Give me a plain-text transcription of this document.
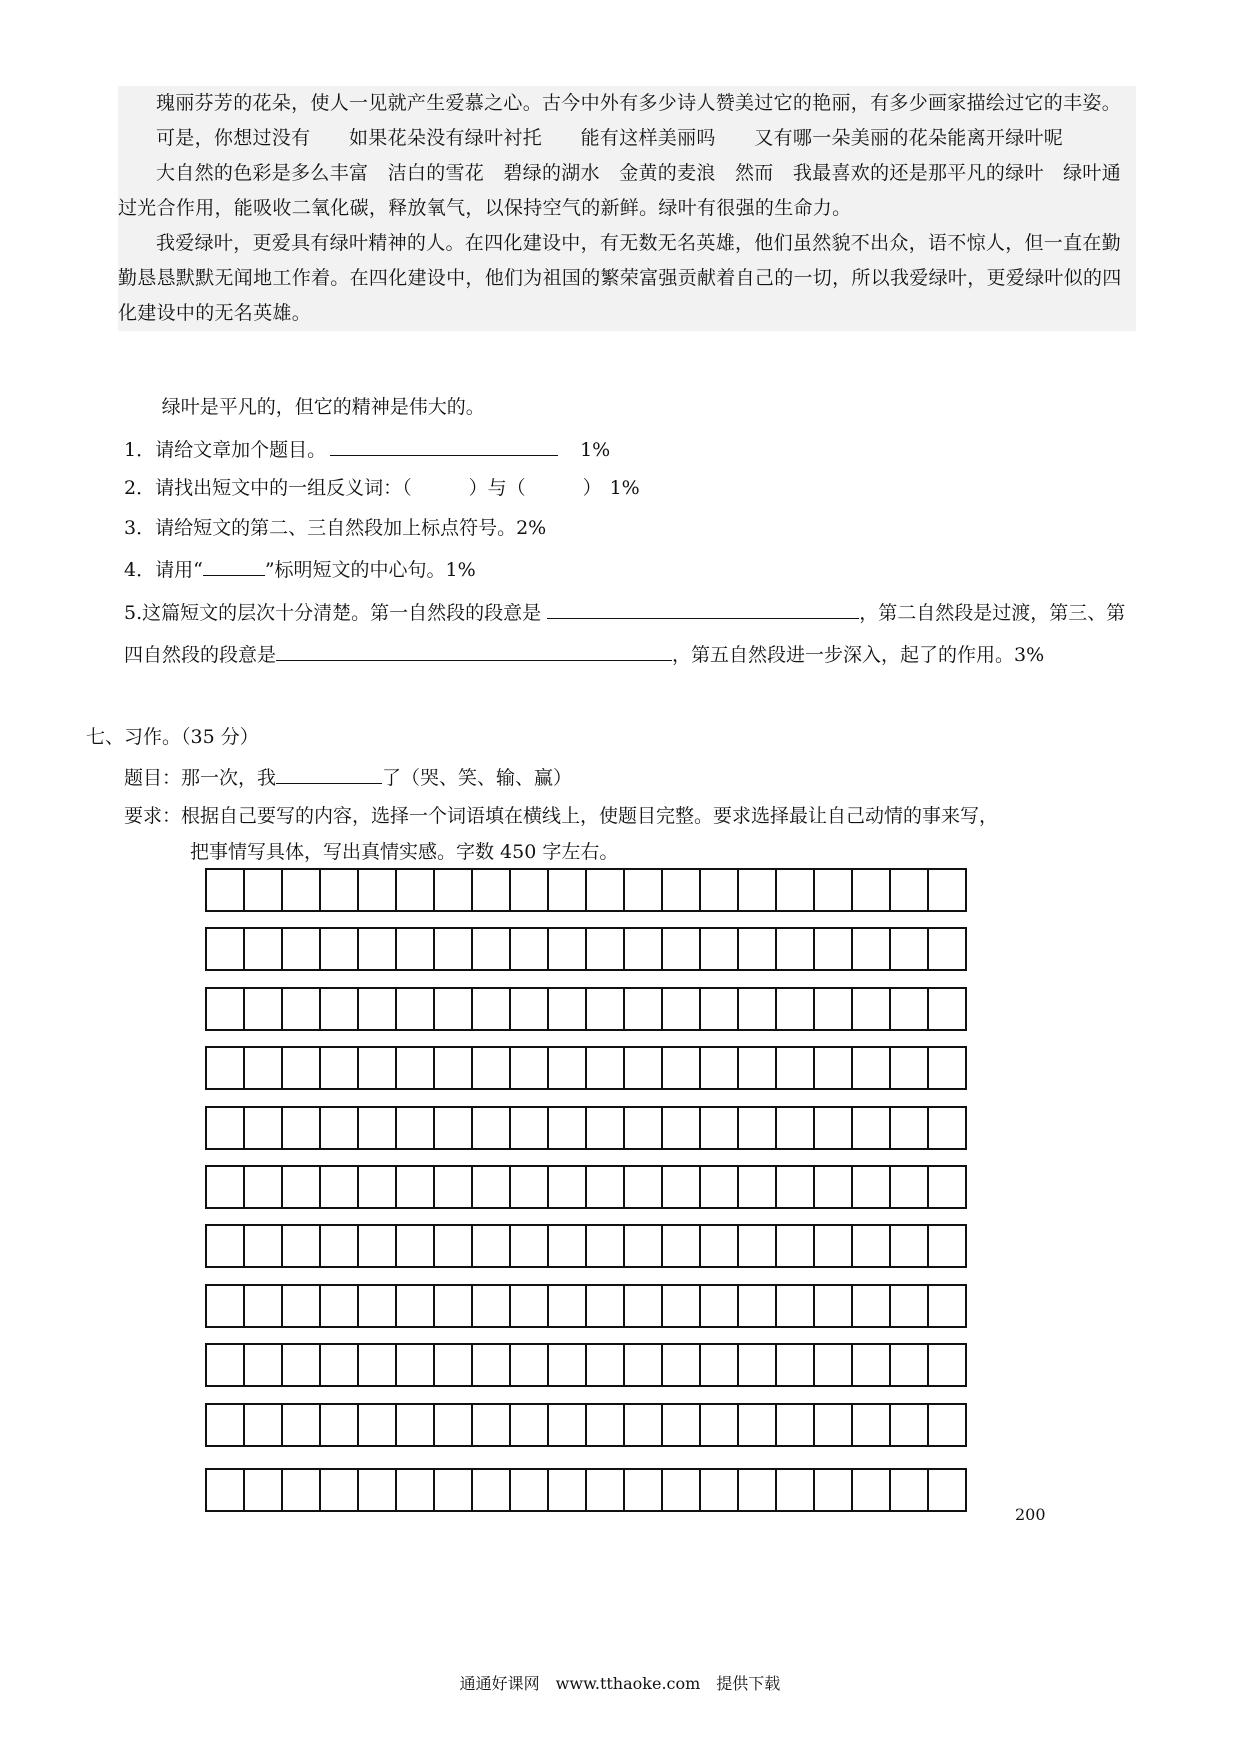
瑰丽芬芳的花朵，使人一见就产生爱慕之心。古今中外有多少诗人赞美过它的艳丽，有多少画家描绘过它的丰姿。

可是，你想过没有　　如果花朵没有绿叶衬托　　能有这样美丽吗　　又有哪一朵美丽的花朵能离开绿叶呢

大自然的色彩是多么丰富　洁白的雪花　碧绿的湖水　金黄的麦浪　然而　我最喜欢的还是那平凡的绿叶　绿叶通过光合作用，能吸收二氧化碳，释放氧气，以保持空气的新鲜。绿叶有很强的生命力。

我爱绿叶，更爱具有绿叶精神的人。在四化建设中，有无数无名英雄，他们虽然貌不出众，语不惊人，但一直在勤勤恳恳默默无闻地工作着。在四化建设中，他们为祖国的繁荣富强贡献着自己的一切，所以我爱绿叶，更爱绿叶似的四化建设中的无名英雄。

绿叶是平凡的，但它的精神是伟大的。

1．请给文章加个题目。	1%
2．请找出短文中的一组反义词：（　　　）与（　　　） 1%
3．请给短文的第二、三自然段加上标点符号。2%
4．请用“	”标明短文的中心句。1%
5.这篇短文的层次十分清楚。第一自然段的段意是	，第二自然段是过渡，第三、第四自然段的段意是	，第五自然段进一步深入，起了的作用。3%
七、习作。（35 分）
题目：那一次，我	了（哭、笑、输、赢）
要求：根据自己要写的内容，选择一个词语填在横线上，使题目完整。要求选择最让自己动情的事来写，
把事情写具体，写出真情实感。字数 450 字左右。
200
通通好课网　www.tthaoke.com　提供下载
